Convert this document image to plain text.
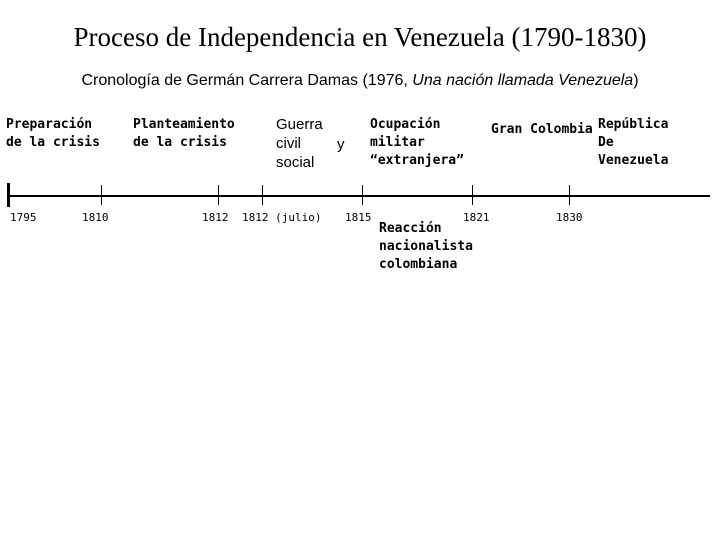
Proceso de Independencia en Venezuela (1790-1830)
Cronología de Germán Carrera Damas (1976, Una nación llamada Venezuela)
Preparación
de la crisis
Planteamiento
de la crisis
Guerra
civil
social
y
Ocupación
militar
“extranjera”
Gran Colombia República
De
Venezuela
Reacción
nacionalista
colombiana
1795	1810	1812 1812 (julio) 1815	1821	1830
